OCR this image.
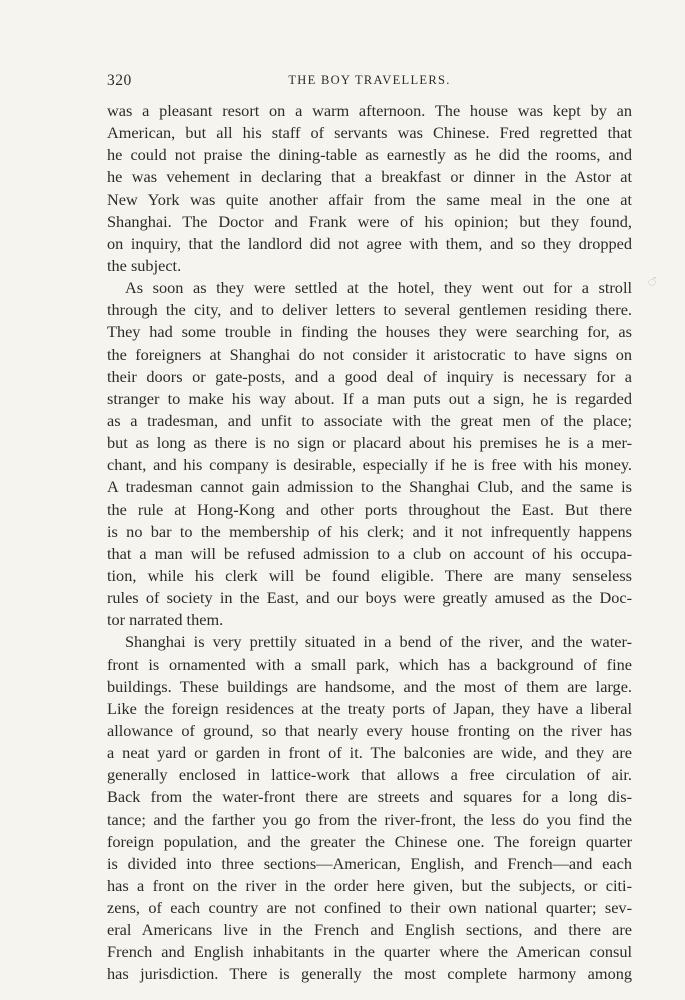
320	THE BOY TRAVELLERS.
ੰ
was a pleasant resort on a warm afternoon. The house was kept by an
American, but all his staff of servants was Chinese. Fred regretted that
he could not praise the dining-table as earnestly as he did the rooms, and
he was vehement in declaring that a breakfast or dinner in the Astor at
New York was quite another affair from the same meal in the one at
Shanghai. The Doctor and Frank were of his opinion; but they found,
on inquiry, that the landlord did not agree with them, and so they dropped
the subject.
As soon as they were settled at the hotel, they went out for a stroll
through the city, and to deliver letters to several gentlemen residing there.
They had some trouble in finding the houses they were searching for, as
the foreigners at Shanghai do not consider it aristocratic to have signs on
their doors or gate-posts, and a good deal of inquiry is necessary for a
stranger to make his way about. If a man puts out a sign, he is regarded
as a tradesman, and unfit to associate with the great men of the place;
but as long as there is no sign or placard about his premises he is a mer-
chant, and his company is desirable, especially if he is free with his money.
A tradesman cannot gain admission to the Shanghai Club, and the same is
the rule at Hong-Kong and other ports throughout the East. But there
is no bar to the membership of his clerk; and it not infrequently happens
that a man will be refused admission to a club on account of his occupa-
tion, while his clerk will be found eligible. There are many senseless
rules of society in the East, and our boys were greatly amused as the Doc-
tor narrated them.
Shanghai is very prettily situated in a bend of the river, and the water-
front is ornamented with a small park, which has a background of fine
buildings. These buildings are handsome, and the most of them are large.
Like the foreign residences at the treaty ports of Japan, they have a liberal
allowance of ground, so that nearly every house fronting on the river has
a neat yard or garden in front of it. The balconies are wide, and they are
generally enclosed in lattice-work that allows a free circulation of air.
Back from the water-front there are streets and squares for a long dis-
tance; and the farther you go from the river-front, the less do you find the
foreign population, and the greater the Chinese one. The foreign quarter
is divided into three sections—American, English, and French—and each
has a front on the river in the order here given, but the subjects, or citi-
zens, of each country are not confined to their own national quarter; sev-
eral Americans live in the French and English sections, and there are
French and English inhabitants in the quarter where the American consul
has jurisdiction. There is generally the most complete harmony among
